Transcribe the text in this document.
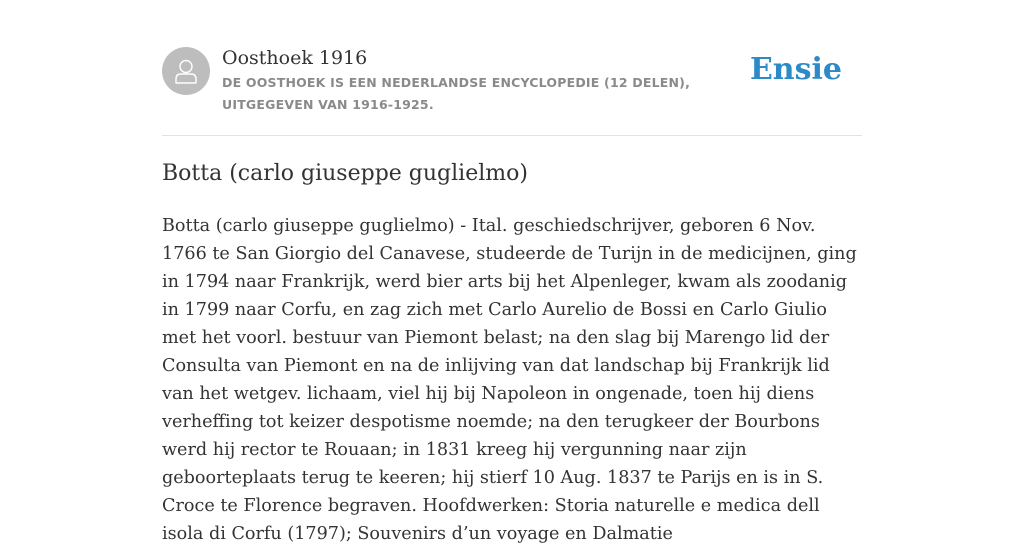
Oosthoek 1916
DE OOSTHOEK IS EEN NEDERLANDSE ENCYCLOPEDIE (12 DELEN), UITGEGEVEN VAN 1916-1925.
Ensie
Botta (carlo giuseppe guglielmo)

Botta (carlo giuseppe guglielmo) - Ital. geschiedschrijver, geboren 6 Nov. 1766 te San Giorgio del Canavese, studeerde de Turijn in de medicijnen, ging in 1794 naar Frankrijk, werd bier arts bij het Alpenleger, kwam als zoodanig in 1799 naar Corfu, en zag zich met Carlo Aurelio de Bossi en Carlo Giulio met het voorl. bestuur van Piemont belast; na den slag bij Marengo lid der Consulta van Piemont en na de inlijving van dat landschap bij Frankrijk lid van het wetgev. lichaam, viel hij bij Napoleon in ongenade, toen hij diens verheffing tot keizer despotisme noemde; na den terugkeer der Bourbons werd hij rector te Rouaan; in 1831 kreeg hij vergunning naar zijn geboorteplaats terug te keeren; hij stierf 10 Aug. 1837 te Parijs en is in S. Croce te Florence begraven. Hoofdwerken: Storia naturelle e medica dell isola di Corfu (1797); Souvenirs d’un voyage en Dalmatie
